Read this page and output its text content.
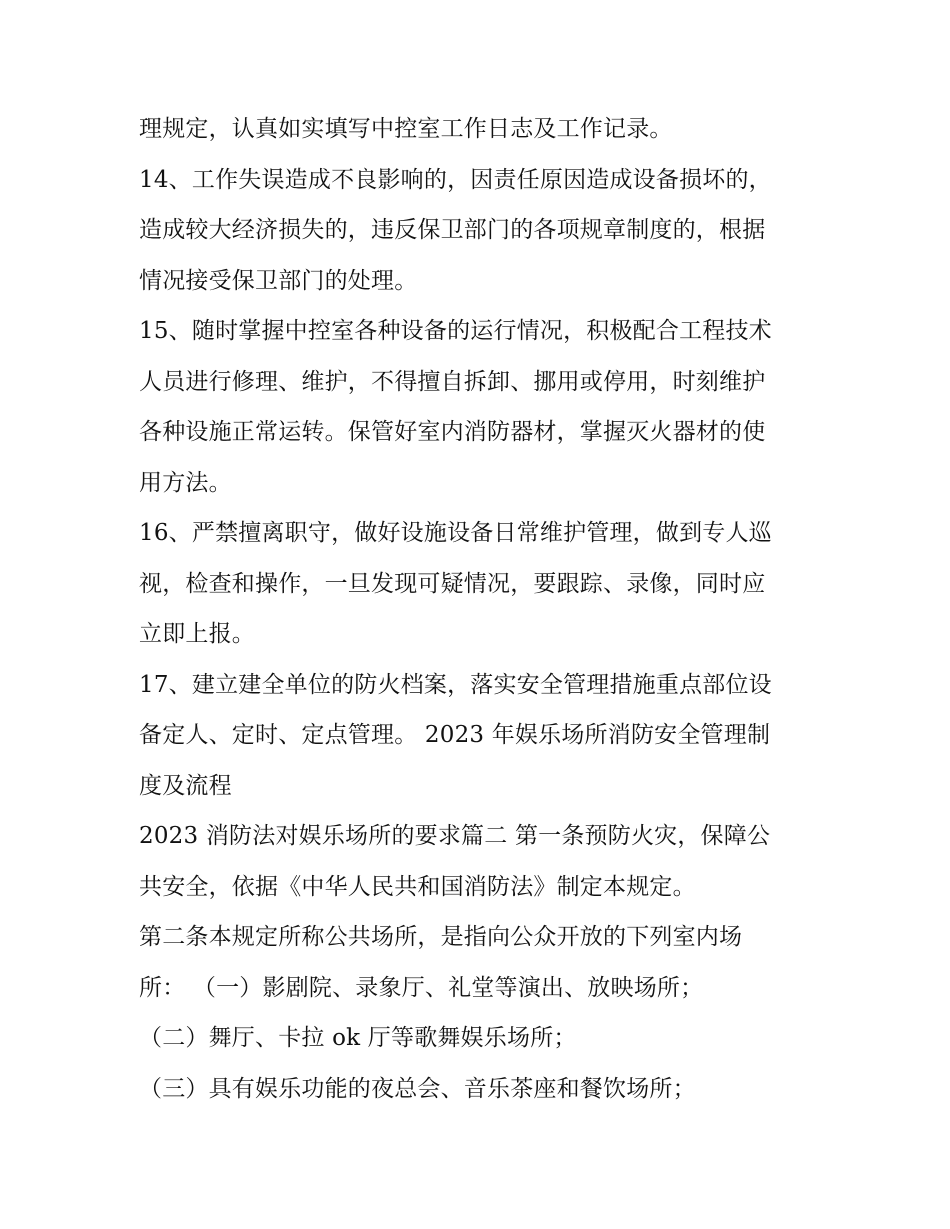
理规定，认真如实填写中控室工作日志及工作记录。
14、工作失误造成不良影响的，因责任原因造成设备损坏的，
造成较大经济损失的，违反保卫部门的各项规章制度的，根据
情况接受保卫部门的处理。
15、随时掌握中控室各种设备的运行情况，积极配合工程技术
人员进行修理、维护，不得擅自拆卸、挪用或停用，时刻维护
各种设施正常运转。保管好室内消防器材，掌握灭火器材的使
用方法。
16、严禁擅离职守，做好设施设备日常维护管理，做到专人巡
视，检查和操作，一旦发现可疑情况，要跟踪、录像，同时应
立即上报。
17、建立建全单位的防火档案，落实安全管理措施重点部位设
备定人、定时、定点管理。 2023 年娱乐场所消防安全管理制
度及流程
2023 消防法对娱乐场所的要求篇二 第一条预防火灾，保障公
共安全，依据《中华人民共和国消防法》制定本规定。
第二条本规定所称公共场所，是指向公众开放的下列室内场
所： （一）影剧院、录象厅、礼堂等演出、放映场所；
（二）舞厅、卡拉 ok 厅等歌舞娱乐场所；
（三）具有娱乐功能的夜总会、音乐茶座和餐饮场所；
